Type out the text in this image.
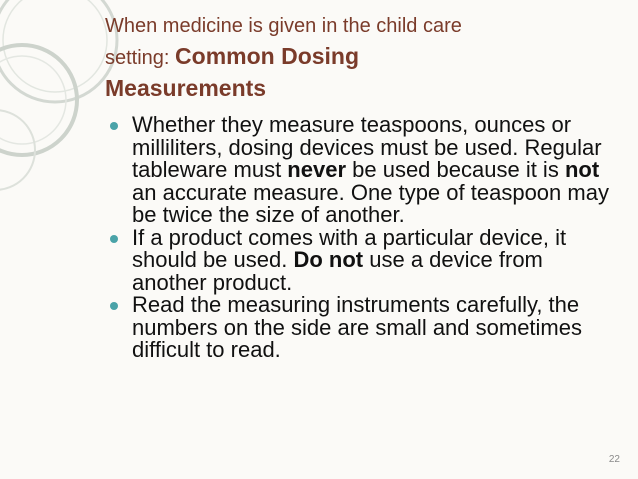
When medicine is given in the child care
setting: Common Dosing
Measurements
Whether they measure teaspoons, ounces or milliliters, dosing devices must be used. Regular tableware must never be used because it is not an accurate measure. One type of teaspoon may be twice the size of another.
If a product comes with a particular device, it should be used. Do not use a device from another product.
Read the measuring instruments carefully, the numbers on the side are small and sometimes difficult to read.
22
